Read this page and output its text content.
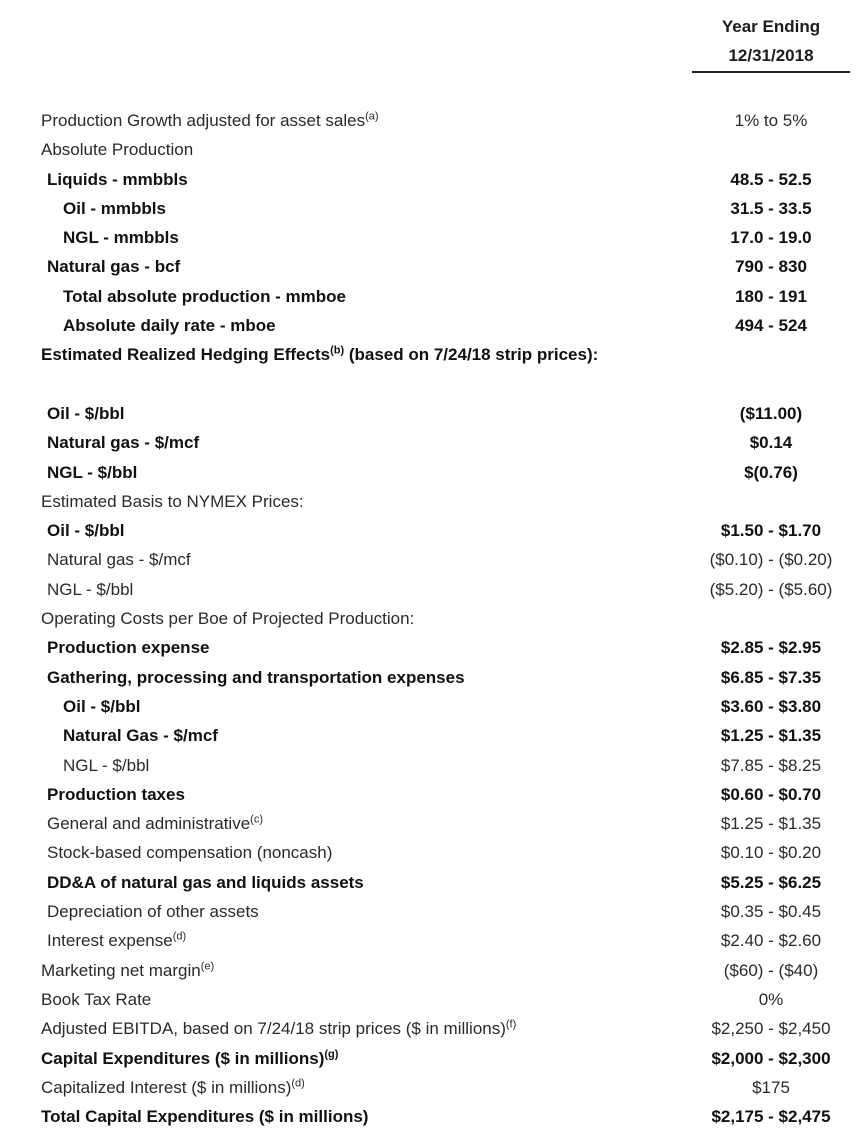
Year Ending
12/31/2018
Production Growth adjusted for asset sales$^{(a)}$	1% to 5%
Absolute Production
Liquids - mmbbls	48.5 - 52.5
Oil - mmbbls	31.5 - 33.5
NGL - mmbbls	17.0 - 19.0
Natural gas - bcf	790 - 830
Total absolute production - mmboe	180 - 191
Absolute daily rate - mboe	494 - 524
Estimated Realized Hedging Effects$^{(b)}$ (based on 7/24/18 strip prices):
Oil - $/bbl	($11.00)
Natural gas - $/mcf	$0.14
NGL - $/bbl	$(0.76)
Estimated Basis to NYMEX Prices:
Oil - $/bbl	$1.50 - $1.70
Natural gas - $/mcf	($0.10) - ($0.20)
NGL - $/bbl	($5.20) - ($5.60)
Operating Costs per Boe of Projected Production:
Production expense	$2.85 - $2.95
Gathering, processing and transportation expenses	$6.85 - $7.35
Oil - $/bbl	$3.60 - $3.80
Natural Gas - $/mcf	$1.25 - $1.35
NGL - $/bbl	$7.85 - $8.25
Production taxes	$0.60 - $0.70
General and administrative$^{(c)}$	$1.25 - $1.35
Stock-based compensation (noncash)	$0.10 - $0.20
DD&A of natural gas and liquids assets	$5.25 - $6.25
Depreciation of other assets	$0.35 - $0.45
Interest expense$^{(d)}$	$2.40 - $2.60
Marketing net margin$^{(e)}$	($60) - ($40)
Book Tax Rate	0%
Adjusted EBITDA, based on 7/24/18 strip prices ($ in millions)$^{(f)}$	$2,250 - $2,450
Capital Expenditures ($ in millions)$^{(g)}$	$2,000 - $2,300
Capitalized Interest ($ in millions)$^{(d)}$	$175
Total Capital Expenditures ($ in millions)	$2,175 - $2,475
